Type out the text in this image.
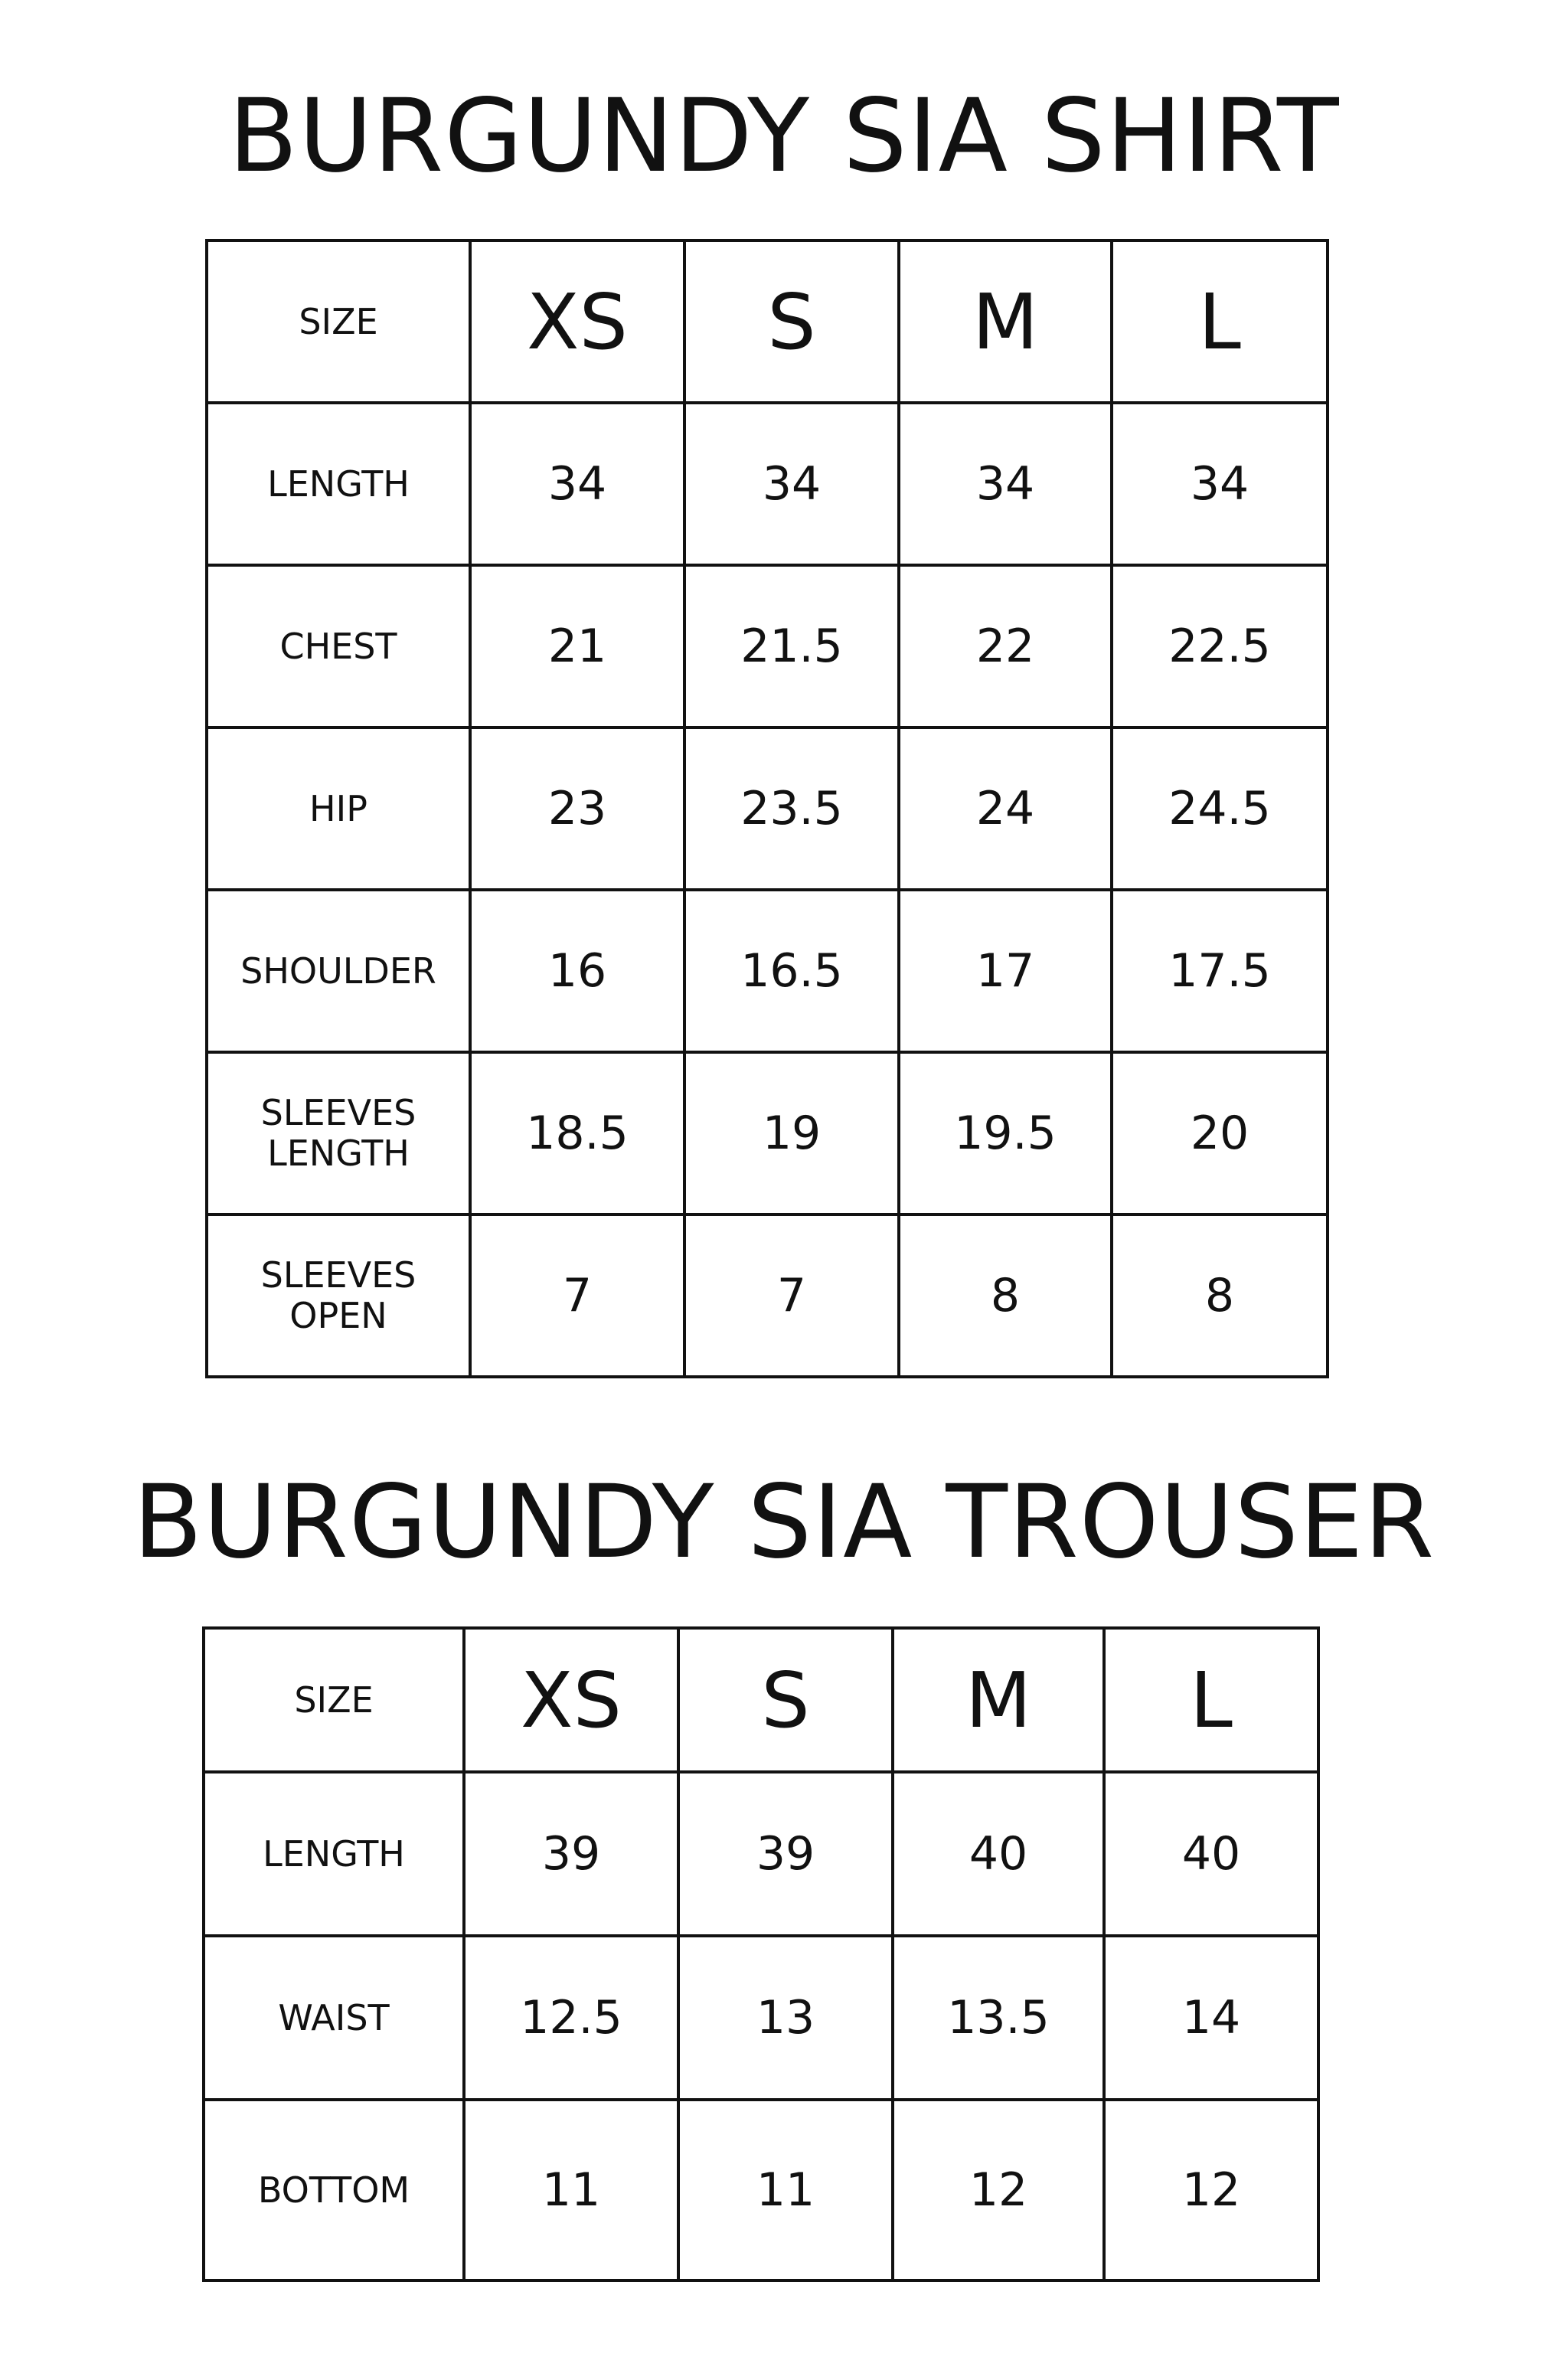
BURGUNDY SIA SHIRT
SIZE	XS	S	M	L
LENGTH	34	34	34	34
CHEST	21	21.5	22	22.5
HIP	23	23.5	24	24.5
SHOULDER	16	16.5	17	17.5
SLEEVES
LENGTH	18.5	19	19.5	20
SLEEVES
OPEN	7	7	8	8
BURGUNDY SIA TROUSER
SIZE	XS	S	M	L
LENGTH	39	39	40	40
WAIST	12.5	13	13.5	14
BOTTOM	11	11	12	12
